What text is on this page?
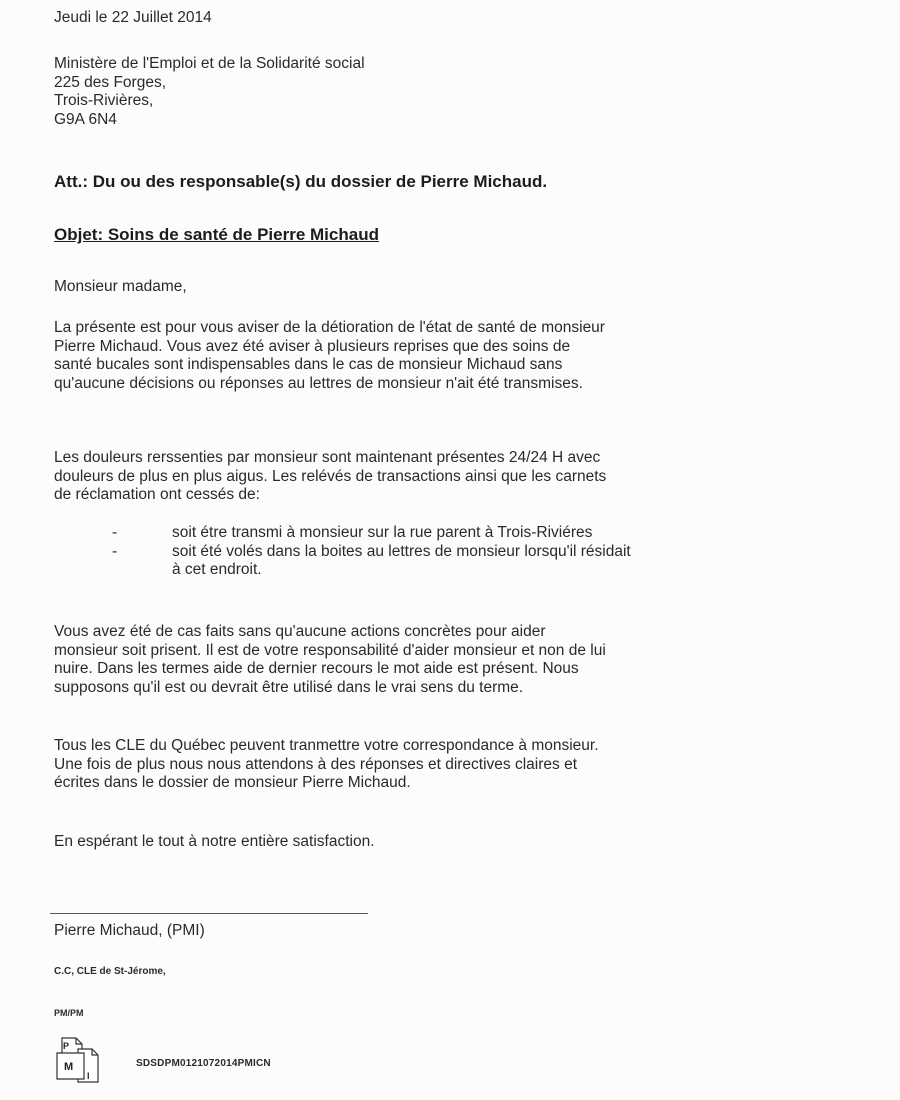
Jeudi le 22 Juillet 2014
Ministère de l'Emploi et de la Solidarité social
225 des Forges,
Trois-Rivières,
G9A 6N4
Att.: Du ou des responsable(s) du dossier de Pierre Michaud.
Objet: Soins de santé de Pierre Michaud
Monsieur madame,
La présente est pour vous aviser de la détioration de l'état de santé de monsieur
Pierre Michaud. Vous avez été aviser à plusieurs reprises que des soins de
santé bucales sont indispensables dans le cas de monsieur Michaud sans
qu'aucune décisions ou réponses au lettres de monsieur n'ait été transmises.
Les douleurs rerssenties par monsieur sont maintenant présentes 24/24 H avec
douleurs de plus en plus aigus. Les relévés de transactions ainsi que les carnets
de réclamation ont cessés de:
-	soit étre transmi à monsieur sur la rue parent à Trois-Riviéres
-	soit été volés dans la boites au lettres de monsieur lorsqu'il résidait
à cet endroit.
Vous avez été de cas faits sans qu'aucune actions concrètes pour aider
monsieur soit prisent. Il est de votre responsabilité d'aider monsieur et non de lui
nuire. Dans les termes aide de dernier recours le mot aide est présent. Nous
supposons qu'il est ou devrait être utilisé dans le vrai sens du terme.
Tous les CLE du Québec peuvent tranmettre votre correspondance à monsieur.
Une fois de plus nous nous attendons à des réponses et directives claires et
écrites dans le dossier de monsieur Pierre Michaud.
En espérant le tout à notre entière satisfaction.
Pierre Michaud, (PMI)
C.C, CLE de St-Jérome,
PM/PM
P
M
I
SDSDPM0121072014PMICN
